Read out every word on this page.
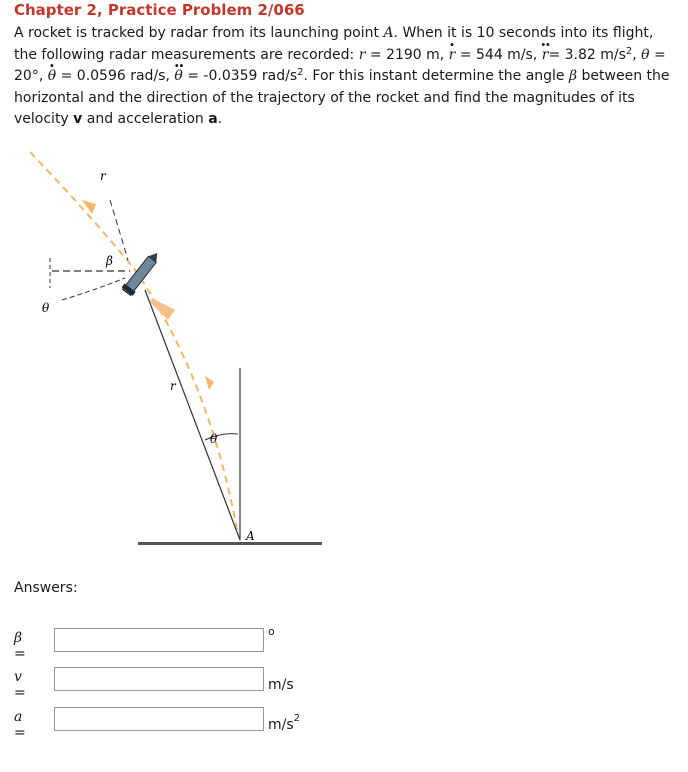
Chapter 2, Practice Problem 2/066
A rocket is tracked by radar from its launching point A. When it is 10 seconds into its flight, the following radar measurements are recorded: r = 2190 m, r · = 544 m/s, r ··= 3.82 $m/s^2$, θ = 20°, θ · = 0.0596 rad/s, θ ·· = -0.0359 rad/$s^2$. For this instant determine the angle β between the horizontal and the direction of the trajectory of the rocket and find the magnitudes of its velocity v and acceleration a.
r
β
θ
r
θ
A
Answers:
β =
o
v =	m/s
a =	$m/s^2$
